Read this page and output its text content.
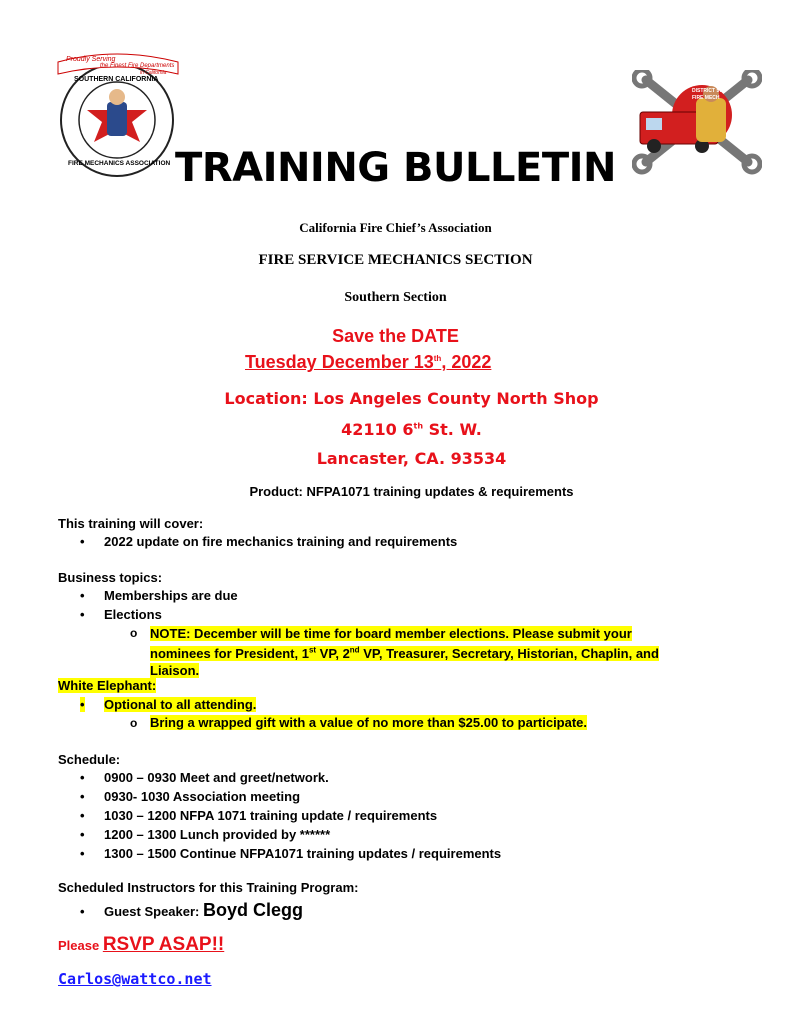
Proudly Serving
the Finest Fire Departments
in California
SOUTHERN CALIFORNIA
FIRE MECHANICS ASSOCIATION
DISTRICT 57
FIRE MECH
TRAINING BULLETIN
California Fire Chief’s Association
FIRE SERVICE MECHANICS SECTION
Southern Section
Save the DATE
Tuesday December 13th, 2022
Location: Los Angeles County North Shop
42110 6th St. W.
Lancaster, CA. 93534
Product: NFPA1071 training updates & requirements
This training will cover:
• 2022 update on fire mechanics training and requirements
Business topics:
• Memberships are due
• Elections
o NOTE: December will be time for board member elections. Please submit your
nominees for President, 1st VP, 2nd VP, Treasurer, Secretary, Historian, Chaplin, and
Liaison.
White Elephant:
• Optional to all attending.
o Bring a wrapped gift with a value of no more than $25.00 to participate.
Schedule:
• 0900 – 0930 Meet and greet/network.
• 0930- 1030 Association meeting
• 1030 – 1200 NFPA 1071 training update / requirements
• 1200 – 1300 Lunch provided by ******
• 1300 – 1500 Continue NFPA1071 training updates / requirements
Scheduled Instructors for this Training Program:
• Guest Speaker: Boyd Clegg
Please RSVP ASAP!!
Carlos@wattco.net
